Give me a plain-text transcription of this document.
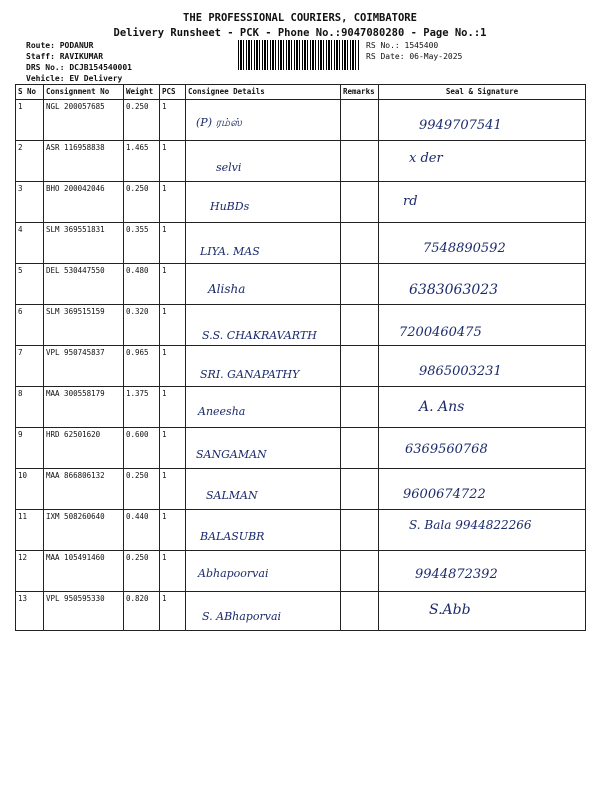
THE PROFESSIONAL COURIERS, COIMBATORE
Delivery Runsheet - PCK - Phone No.:9047080280 - Page No.:1
Route: PODANUR
Staff: RAVIKUMAR
DRS No.: DCJB154540001
Vehicle: EV Delivery
RS No.: 1545400
RS Date: 06-May-2025
S No	Consignment No	Weight	PCS	Consignee Details	Remarks	Seal & Signature
1	NGL 200057685	0.250	1	(P) ரம்ஸ்		9949707541

2	ASR 116958838	1.465	1	selvi		x der

3	BHO 200042046	0.250	1	HuBDs		rd

4	SLM 369551831	0.355	1	LIYA. MAS		7548890592

5	DEL 530447550	0.480	1	Alisha		6383063023

6	SLM 369515159	0.320	1	S.S. CHAKRAVARTH		7200460475

7	VPL 950745837	0.965	1	SRI. GANAPATHY		9865003231

8	MAA 300558179	1.375	1	Aneesha		A. Ans

9	HRD 62501620	0.600	1	SANGAMAN		6369560768

10	MAA 866806132	0.250	1	SALMAN		9600674722

11	IXM 508260640	0.440	1	BALASUBR		S. Bala 9944822266

12	MAA 105491460	0.250	1	Abhapoorvai		9944872392

13	VPL 950595330	0.820	1	S. ABhaporvai		S.Abb
